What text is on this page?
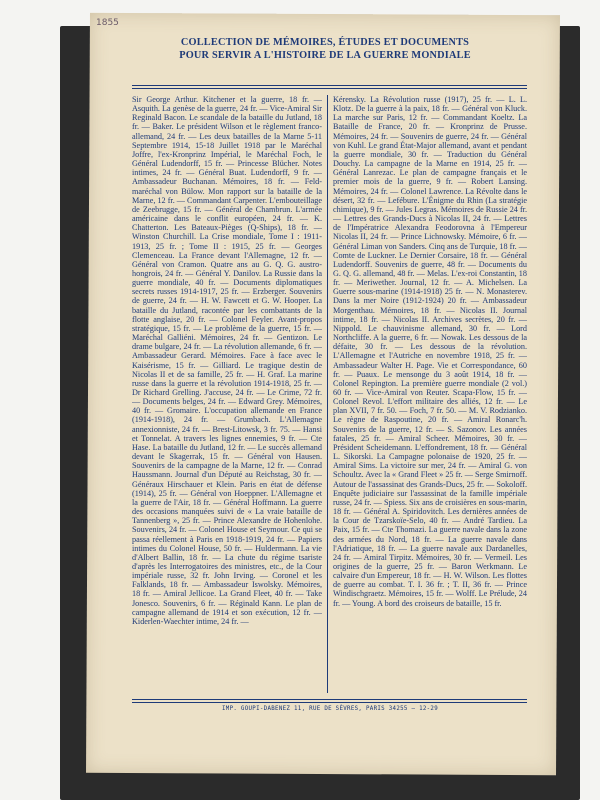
1855
COLLECTION DE MÉMOIRES, ÉTUDES ET DOCUMENTS
POUR SERVIR A L'HISTOIRE DE LA GUERRE MONDIALE

Sir George Arthur. Kitchener et la guerre, 18 fr. — Asquith. La genèse de la guerre, 24 fr. — Vice-Amiral Sir Reginald Bacon. Le scandale de la bataille du Jutland, 18 fr. — Baker. Le président Wilson et le règlement franco-allemand, 24 fr. — Les deux batailles de la Marne 5-11 Septembre 1914, 15-18 Juillet 1918 par le Maréchal Joffre, l'ex-Kronprinz Impérial, le Maréchal Foch, le Général Ludendorff, 15 fr. — Princesse Blücher. Notes intimes, 24 fr. — Général Buat. Ludendorff, 9 fr. — Ambassadeur Buchanan. Mémoires, 18 fr. — Feld-maréchal von Bülow. Mon rapport sur la bataille de la Marne, 12 fr. — Commandant Carpenter. L'embouteillage de Zeebrugge, 15 fr. — Général de Chambrun. L'armée américaine dans le conflit européen, 24 fr. — K. Chatterton. Les Bateaux-Pièges (Q-Ships), 18 fr. — Winston Churchill. La Crise mondiale, Tome I : 1911-1913, 25 fr. ; Tome II : 1915, 25 fr. — Georges Clemenceau. La France devant l'Allemagne, 12 fr. — Général von Cramon. Quatre ans au G. Q. G. austro-hongrois, 24 fr. — Général Y. Danilov. La Russie dans la guerre mondiale, 40 fr. — Documents diplomatiques secrets russes 1914-1917, 25 fr. — Erzberger. Souvenirs de guerre, 24 fr. — H. W. Fawcett et G. W. Hooper. La bataille du Jutland, racontée par les combattants de la flotte anglaise, 20 fr. — Colonel Feyler. Avant-propos stratégique, 15 fr. — Le problème de la guerre, 15 fr. — Maréchal Galliéni. Mémoires, 24 fr. — Gentizon. Le drame bulgare, 24 fr. — La révolution allemande, 6 fr. — Ambassadeur Gerard. Mémoires. Face à face avec le Kaisérisme, 15 fr. — Gilliard. Le tragique destin de Nicolas II et de sa famille, 25 fr. — H. Graf. La marine russe dans la guerre et la révolution 1914-1918, 25 fr. — Dr Richard Grelling. J'accuse, 24 fr. — Le Crime, 72 fr. — Documents belges, 24 fr. — Edward Grey. Mémoires, 40 fr. — Gromaire. L'occupation allemande en France (1914-1918), 24 fr. — Grumbach. L'Allemagne annexionniste, 24 fr. — Brest-Litowsk, 3 fr. 75. — Hansi et Tonnelat. A travers les lignes ennemies, 9 fr. — Cte Hase. La bataille du Jutland, 12 fr. — Le succès allemand devant le Skagerrak, 15 fr. — Général von Hausen. Souvenirs de la campagne de la Marne, 12 fr. — Conrad Haussmann. Journal d'un Député au Reichstag, 30 fr. — Généraux Hirschauer et Klein. Paris en état de défense (1914), 25 fr. — Général von Hoeppner. L'Allemagne et la guerre de l'Air, 18 fr. — Général Hoffmann. La guerre des occasions manquées suivi de « La vraie bataille de Tannenberg », 25 fr. — Prince Alexandre de Hohenlohe. Souvenirs, 24 fr. — Colonel House et Seymour. Ce qui se passa réellement à Paris en 1918-1919, 24 fr. — Papiers intimes du Colonel House, 50 fr. — Huldermann. La vie d'Albert Ballin, 18 fr. — La chute du régime tsariste d'après les Interrogatoires des ministres, etc., de la Cour impériale russe, 32 fr. John Irving. — Coronel et les Falklands, 18 fr. — Ambassadeur Iswolsky. Mémoires, 18 fr. — Amiral Jellicoe. La Grand Fleet, 40 fr. — Take Jonesco. Souvenirs, 6 fr. — Réginald Kann. Le plan de campagne allemand de 1914 et son exécution, 12 fr. — Kiderlen-Waechter intime, 24 fr. —

Kérensky. La Révolution russe (1917), 25 fr. — L. L. Klotz. De la guerre à la paix, 18 fr. — Général von Kluck. La marche sur Paris, 12 fr. — Commandant Koeltz. La Bataille de France, 20 fr. — Kronprinz de Prusse. Mémoires, 24 fr. — Souvenirs de guerre, 24 fr. — Général von Kuhl. Le grand État-Major allemand, avant et pendant la guerre mondiale, 30 fr. — Traduction du Général Douchy. La campagne de la Marne en 1914, 25 fr. — Général Lanrezac. Le plan de campagne français et le premier mois de la guerre, 9 fr. — Robert Lansing. Mémoires, 24 fr. — Colonel Lawrence. La Révolte dans le désert, 32 fr. — Lefébure. L'Énigme du Rhin (La stratégie chimique), 9 fr. — Jules Legras. Mémoires de Russie 24 fr. — Lettres des Grands-Ducs à Nicolas II, 24 fr. — Lettres de l'Impératrice Alexandra Feodorovna à l'Empereur Nicolas II, 24 fr. — Prince Lichnowsky. Mémoire, 6 fr. — Général Liman von Sanders. Cinq ans de Turquie, 18 fr. — Comte de Luckner. Le Dernier Corsaire, 18 fr. — Général Ludendorff. Souvenirs de guerre, 48 fr. — Documents du G. Q. G. allemand, 48 fr. — Melas. L'ex-roi Constantin, 18 fr. — Meriwether. Journal, 12 fr. — A. Michelsen. La Guerre sous-marine (1914-1918) 25 fr. — N. Monasterev. Dans la mer Noire (1912-1924) 20 fr. — Ambassadeur Morgenthau. Mémoires, 18 fr. — Nicolas II. Journal intime, 18 fr. — Nicolas II. Archives secrètes, 20 fr. — Nippold. Le chauvinisme allemand, 30 fr. — Lord Northcliffe. A la guerre, 6 fr. — Nowak. Les dessous de la défaite, 30 fr. — Les dessous de la révolution. L'Allemagne et l'Autriche en novembre 1918, 25 fr. — Ambassadeur Walter H. Page. Vie et Correspondance, 60 fr. — Puaux. Le mensonge du 3 août 1914, 18 fr. — Colonel Repington. La première guerre mondiale (2 vol.) 60 fr. — Vice-Amiral von Reuter. Scapa-Flow, 15 fr. — Colonel Revol. L'effort militaire des alliés, 12 fr. — Le plan XVII, 7 fr. 50. — Foch, 7 fr. 50. — M. V. Rodzianko. Le règne de Raspoutine, 20 fr. — Amiral Ronarc'h. Souvenirs de la guerre, 12 fr. — S. Sazonov. Les années fatales, 25 fr. — Amiral Scheer. Mémoires, 30 fr. — Président Scheidemann. L'effondrement, 18 fr. — Général L. Sikorski. La Campagne polonaise de 1920, 25 fr. — Amiral Sims. La victoire sur mer, 24 fr. — Amiral G. von Schoultz. Avec la « Grand Fleet » 25 fr. — Serge Smirnoff. Autour de l'assassinat des Grands-Ducs, 25 fr. — Sokoloff. Enquête judiciaire sur l'assassinat de la famille impériale russe, 24 fr. — Spiess. Six ans de croisières en sous-marin, 18 fr. — Général A. Spiridovitch. Les dernières années de la Cour de Tzarskoïe-Selo, 40 fr. — André Tardieu. La Paix, 15 fr. — Cte Thomazi. La guerre navale dans la zone des armées du Nord, 18 fr. — La guerre navale dans l'Adriatique, 18 fr. — La guerre navale aux Dardanelles, 24 fr. — Amiral Tirpitz. Mémoires, 30 fr. — Vermeil. Les origines de la guerre, 25 fr. — Baron Werkmann. Le calvaire d'un Empereur, 18 fr. — H. W. Wilson. Les flottes de guerre au combat. T. I. 36 fr. ; T. II, 36 fr. — Prince Windischgraetz. Mémoires, 15 fr. — Wolff. Le Prélude, 24 fr. — Young. A bord des croiseurs de bataille, 15 fr.

IMP. GOUPI-DABENEZ 11, RUE DE SÈVRES, PARIS 34255 — 12-29
